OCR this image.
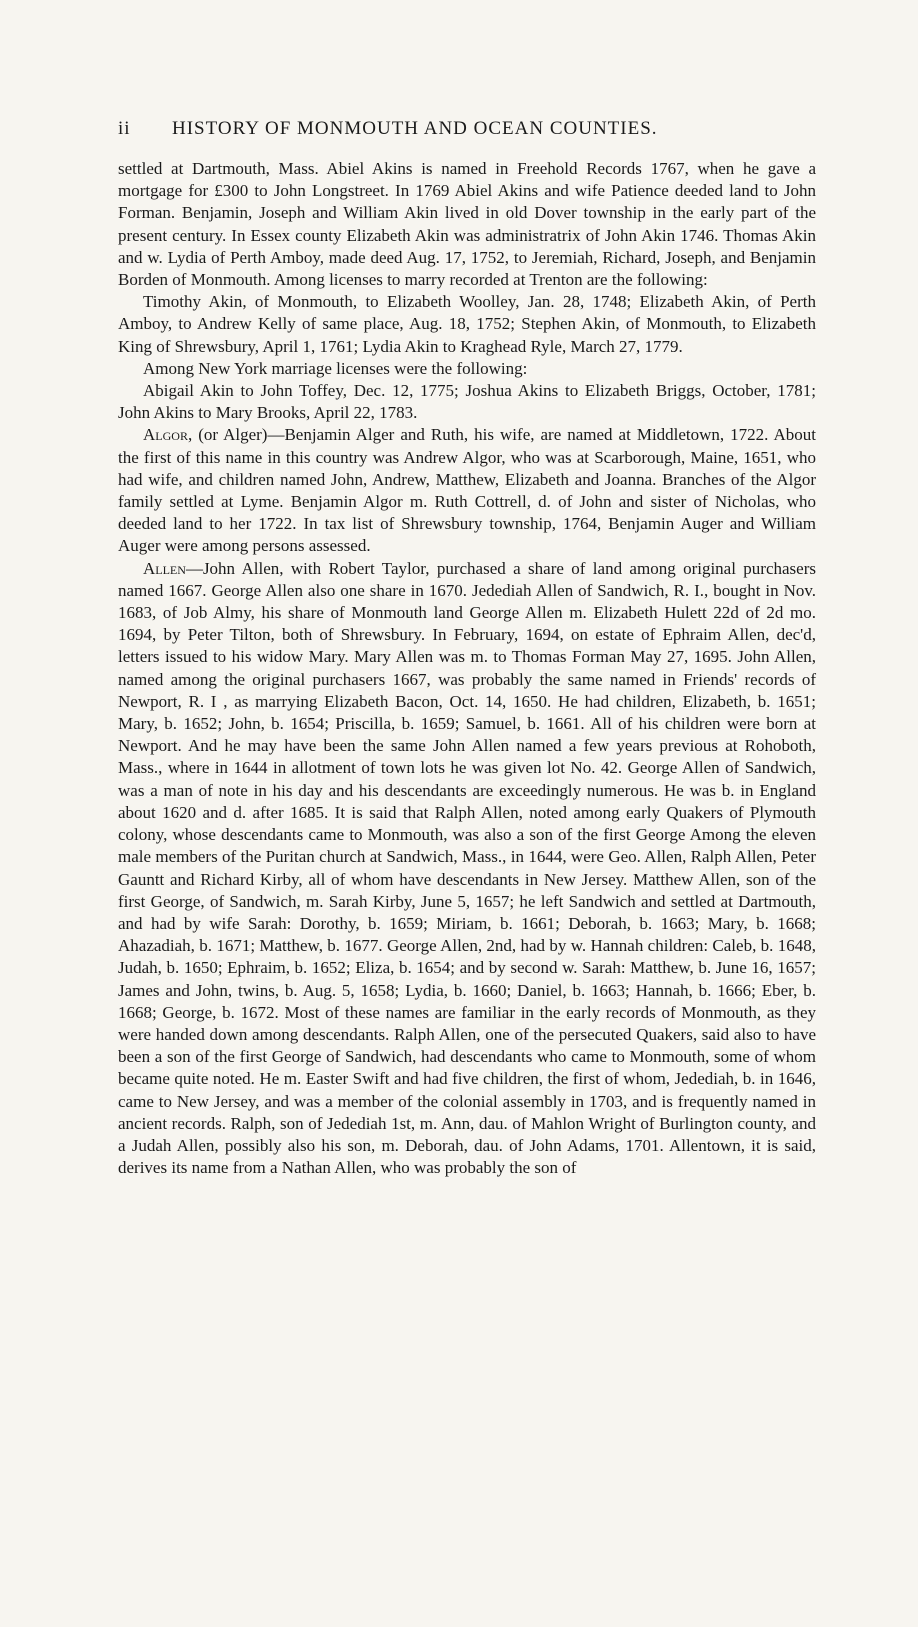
ii HISTORY OF MONMOUTH AND OCEAN COUNTIES.

settled at Dartmouth, Mass. Abiel Akins is named in Freehold Records 1767, when he gave a mortgage for £300 to John Longstreet. In 1769 Abiel Akins and wife Patience deeded land to John Forman. Benjamin, Joseph and William Akin lived in old Dover township in the early part of the present century. In Essex county Elizabeth Akin was administratrix of John Akin 1746. Thomas Akin and w. Lydia of Perth Amboy, made deed Aug. 17, 1752, to Jeremiah, Richard, Joseph, and Benjamin Borden of Monmouth. Among licenses to marry recorded at Trenton are the following:

Timothy Akin, of Monmouth, to Elizabeth Woolley, Jan. 28, 1748; Elizabeth Akin, of Perth Amboy, to Andrew Kelly of same place, Aug. 18, 1752; Stephen Akin, of Monmouth, to Elizabeth King of Shrewsbury, April 1, 1761; Lydia Akin to Kraghead Ryle, March 27, 1779.

Among New York marriage licenses were the following:

Abigail Akin to John Toffey, Dec. 12, 1775; Joshua Akins to Elizabeth Briggs, October, 1781; John Akins to Mary Brooks, April 22, 1783.

Algor, (or Alger)—Benjamin Alger and Ruth, his wife, are named at Middletown, 1722. About the first of this name in this country was Andrew Algor, who was at Scarborough, Maine, 1651, who had wife, and children named John, Andrew, Matthew, Elizabeth and Joanna. Branches of the Algor family settled at Lyme. Benjamin Algor m. Ruth Cottrell, d. of John and sister of Nicholas, who deeded land to her 1722. In tax list of Shrewsbury township, 1764, Benjamin Auger and William Auger were among persons assessed.

Allen—John Allen, with Robert Taylor, purchased a share of land among original purchasers named 1667. George Allen also one share in 1670. Jedediah Allen of Sandwich, R. I., bought in Nov. 1683, of Job Almy, his share of Monmouth land George Allen m. Elizabeth Hulett 22d of 2d mo. 1694, by Peter Tilton, both of Shrewsbury. In February, 1694, on estate of Ephraim Allen, dec'd, letters issued to his widow Mary. Mary Allen was m. to Thomas Forman May 27, 1695. John Allen, named among the original purchasers 1667, was probably the same named in Friends' records of Newport, R. I , as marrying Elizabeth Bacon, Oct. 14, 1650. He had children, Elizabeth, b. 1651; Mary, b. 1652; John, b. 1654; Priscilla, b. 1659; Samuel, b. 1661. All of his children were born at Newport. And he may have been the same John Allen named a few years previous at Rohoboth, Mass., where in 1644 in allotment of town lots he was given lot No. 42. George Allen of Sandwich, was a man of note in his day and his descendants are exceedingly numerous. He was b. in England about 1620 and d. after 1685. It is said that Ralph Allen, noted among early Quakers of Plymouth colony, whose descendants came to Monmouth, was also a son of the first George Among the eleven male members of the Puritan church at Sandwich, Mass., in 1644, were Geo. Allen, Ralph Allen, Peter Gauntt and Richard Kirby, all of whom have descendants in New Jersey. Matthew Allen, son of the first George, of Sandwich, m. Sarah Kirby, June 5, 1657; he left Sandwich and settled at Dartmouth, and had by wife Sarah: Dorothy, b. 1659; Miriam, b. 1661; Deborah, b. 1663; Mary, b. 1668; Ahazadiah, b. 1671; Matthew, b. 1677. George Allen, 2nd, had by w. Hannah children: Caleb, b. 1648, Judah, b. 1650; Ephraim, b. 1652; Eliza, b. 1654; and by second w. Sarah: Matthew, b. June 16, 1657; James and John, twins, b. Aug. 5, 1658; Lydia, b. 1660; Daniel, b. 1663; Hannah, b. 1666; Eber, b. 1668; George, b. 1672. Most of these names are familiar in the early records of Monmouth, as they were handed down among descendants. Ralph Allen, one of the persecuted Quakers, said also to have been a son of the first George of Sandwich, had descendants who came to Monmouth, some of whom became quite noted. He m. Easter Swift and had five children, the first of whom, Jedediah, b. in 1646, came to New Jersey, and was a member of the colonial assembly in 1703, and is frequently named in ancient records. Ralph, son of Jedediah 1st, m. Ann, dau. of Mahlon Wright of Burlington county, and a Judah Allen, possibly also his son, m. Deborah, dau. of John Adams, 1701. Allentown, it is said, derives its name from a Nathan Allen, who was probably the son of
